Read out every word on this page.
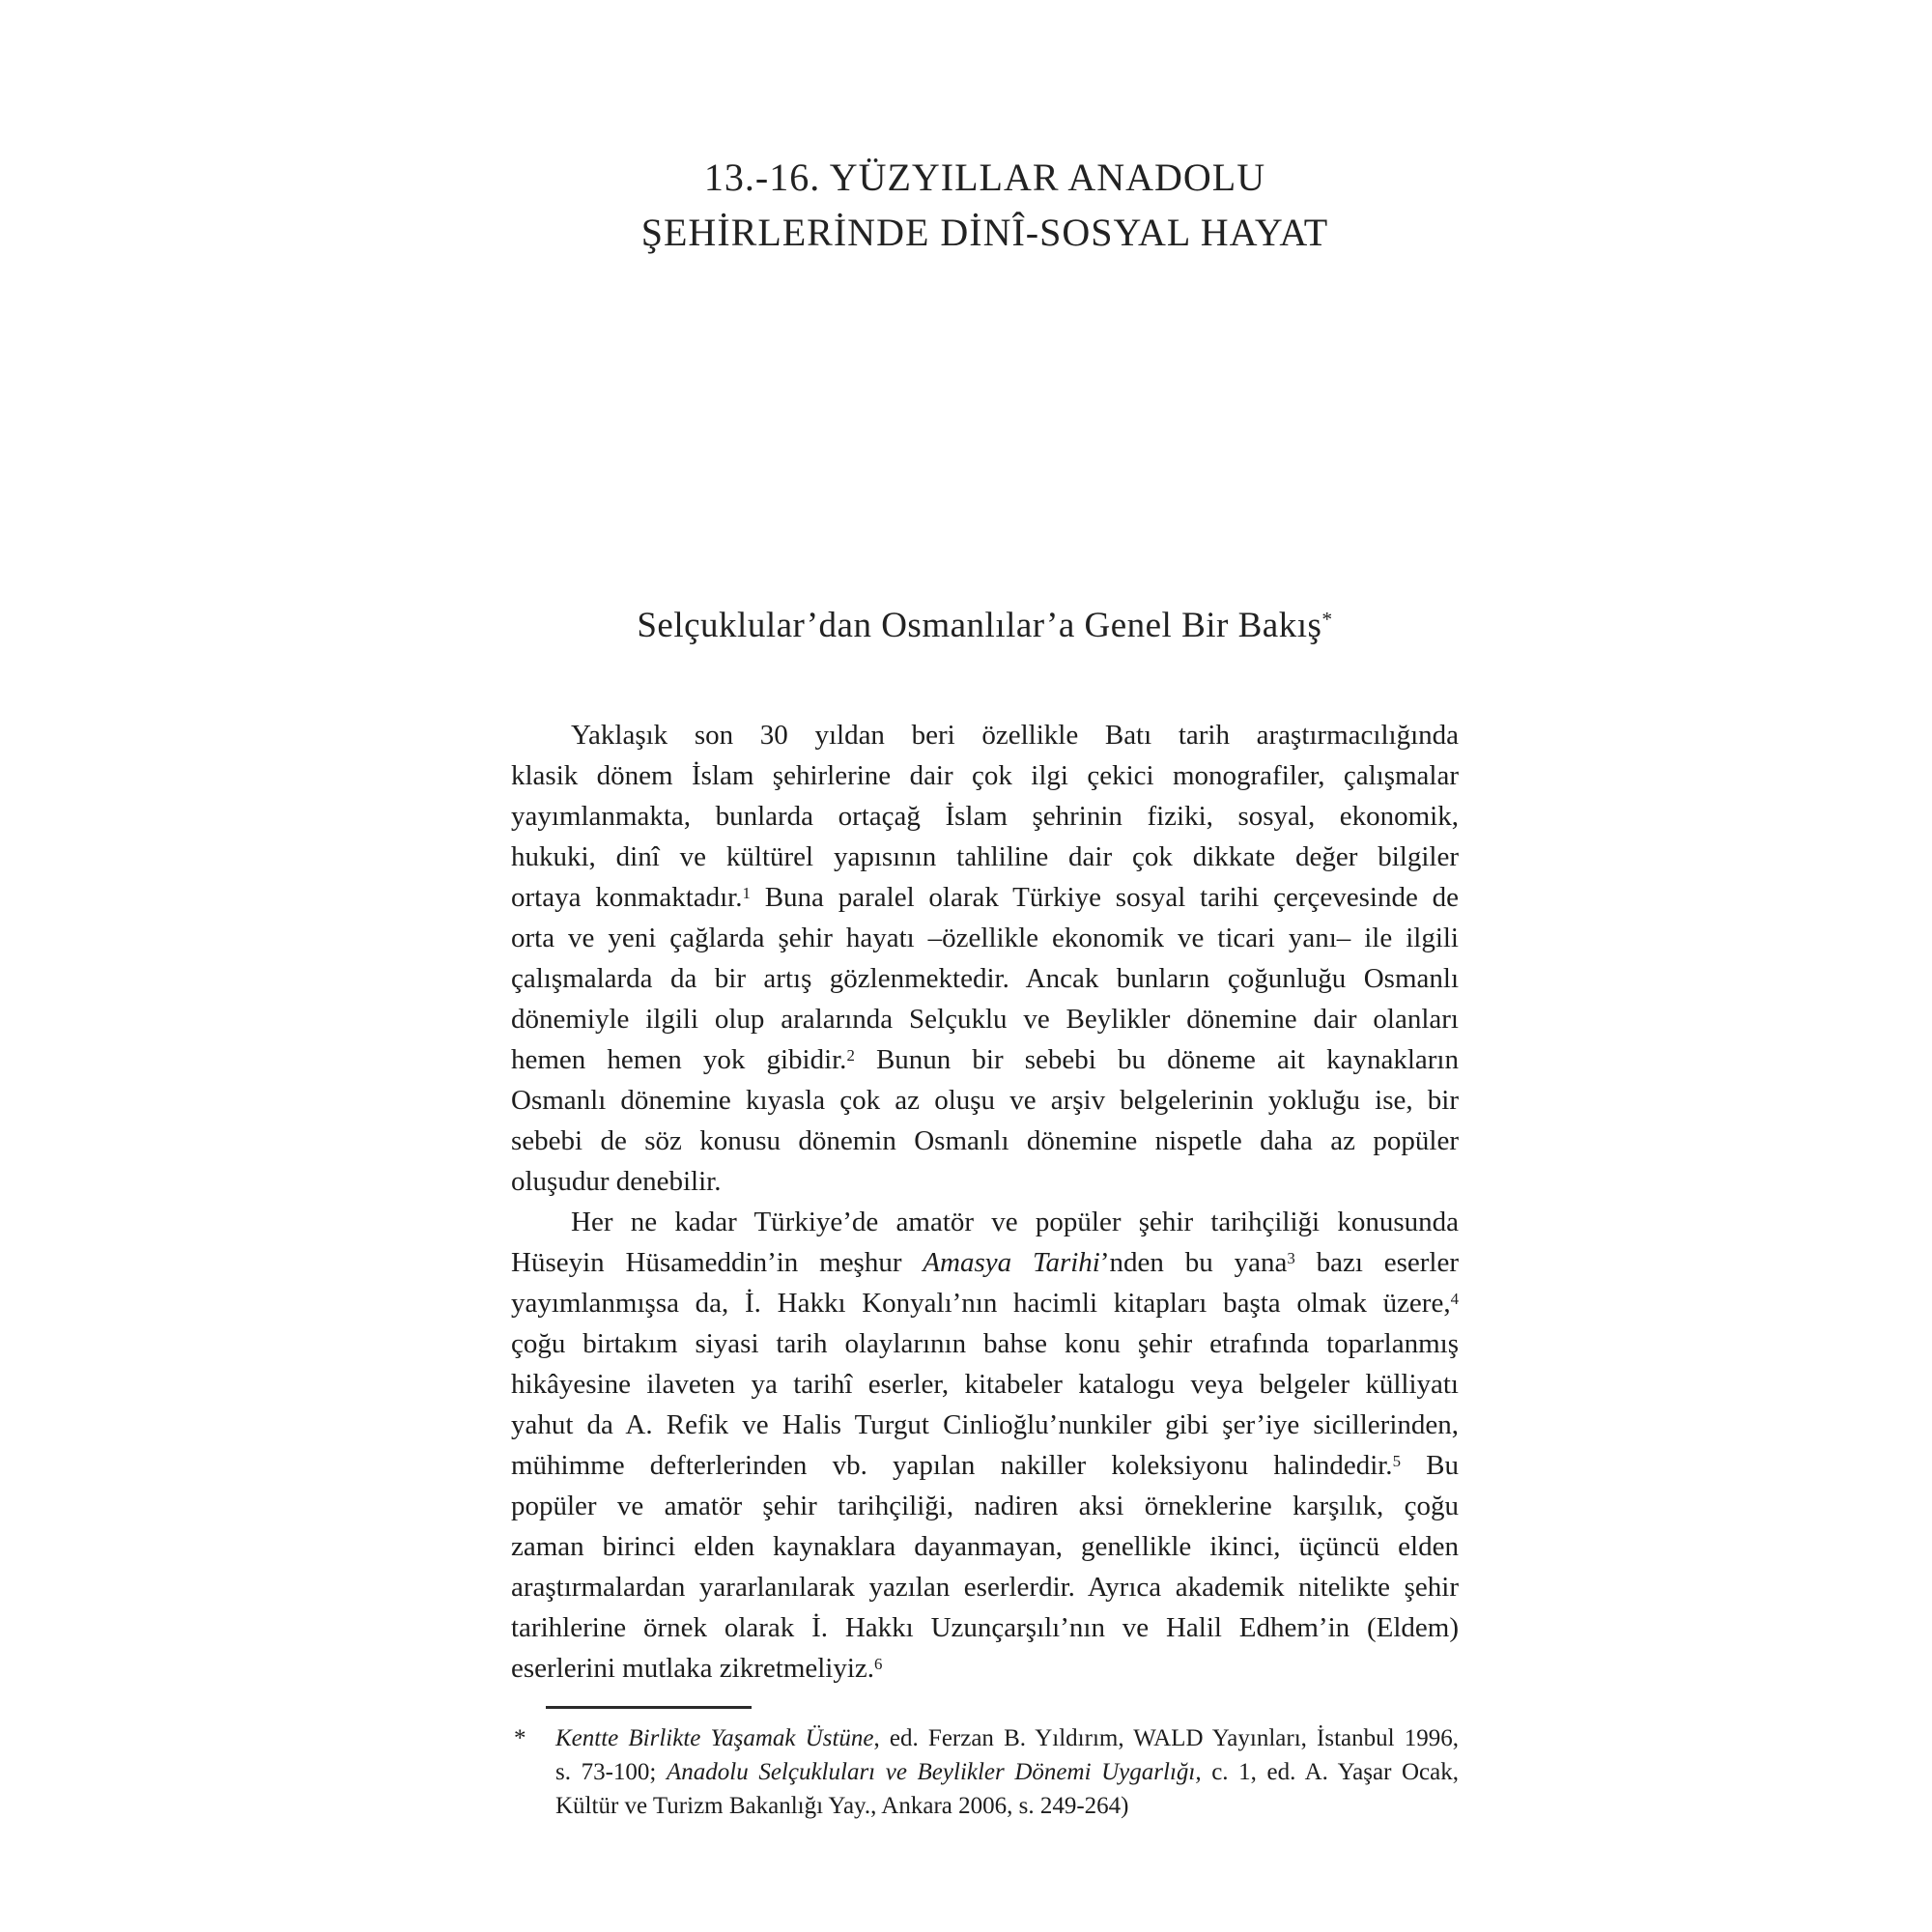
13.-16. YÜZYILLAR ANADOLU
ŞEHİRLERİNDE DİNÎ-SOSYAL HAYAT
Selçuklular’dan Osmanlılar’a Genel Bir Bakış*
Yaklaşık son 30 yıldan beri özellikle Batı tarih araştırmacılığında
klasik dönem İslam şehirlerine dair çok ilgi çekici monografiler, çalışmalar
yayımlanmakta, bunlarda ortaçağ İslam şehrinin fiziki, sosyal, ekonomik,
hukuki, dinî ve kültürel yapısının tahliline dair çok dikkate değer bilgiler
ortaya konmaktadır.$^1$ Buna paralel olarak Türkiye sosyal tarihi çerçevesinde de
orta ve yeni çağlarda şehir hayatı –özellikle ekonomik ve ticari yanı– ile ilgili
çalışmalarda da bir artış gözlenmektedir. Ancak bunların çoğunluğu Osmanlı
dönemiyle ilgili olup aralarında Selçuklu ve Beylikler dönemine dair olanları
hemen hemen yok gibidir.$^2$ Bunun bir sebebi bu döneme ait kaynakların
Osmanlı dönemine kıyasla çok az oluşu ve arşiv belgelerinin yokluğu ise, bir
sebebi de söz konusu dönemin Osmanlı dönemine nispetle daha az popüler
oluşudur denebilir.
Her ne kadar Türkiye’de amatör ve popüler şehir tarihçiliği konusunda
Hüseyin Hüsameddin’in meşhur Amasya Tarihi’nden bu yana$^3$ bazı eserler
yayımlanmışsa da, İ. Hakkı Konyalı’nın hacimli kitapları başta olmak üzere,$^4$
çoğu birtakım siyasi tarih olaylarının bahse konu şehir etrafında toparlanmış
hikâyesine ilaveten ya tarihî eserler, kitabeler katalogu veya belgeler külliyatı
yahut da A. Refik ve Halis Turgut Cinlioğlu’nunkiler gibi şer’iye sicillerinden,
mühimme defterlerinden vb. yapılan nakiller koleksiyonu halindedir.$^5$ Bu
popüler ve amatör şehir tarihçiliği, nadiren aksi örneklerine karşılık, çoğu
zaman birinci elden kaynaklara dayanmayan, genellikle ikinci, üçüncü elden
araştırmalardan yararlanılarak yazılan eserlerdir. Ayrıca akademik nitelikte şehir
tarihlerine örnek olarak İ. Hakkı Uzunçarşılı’nın ve Halil Edhem’in (Eldem)
eserlerini mutlaka zikretmeliyiz.$^6$
* Kentte Birlikte Yaşamak Üstüne, ed. Ferzan B. Yıldırım, WALD Yayınları, İstanbul 1996,
s. 73-100; Anadolu Selçukluları ve Beylikler Dönemi Uygarlığı, c. 1, ed. A. Yaşar Ocak,
Kültür ve Turizm Bakanlığı Yay., Ankara 2006, s. 249-264)
